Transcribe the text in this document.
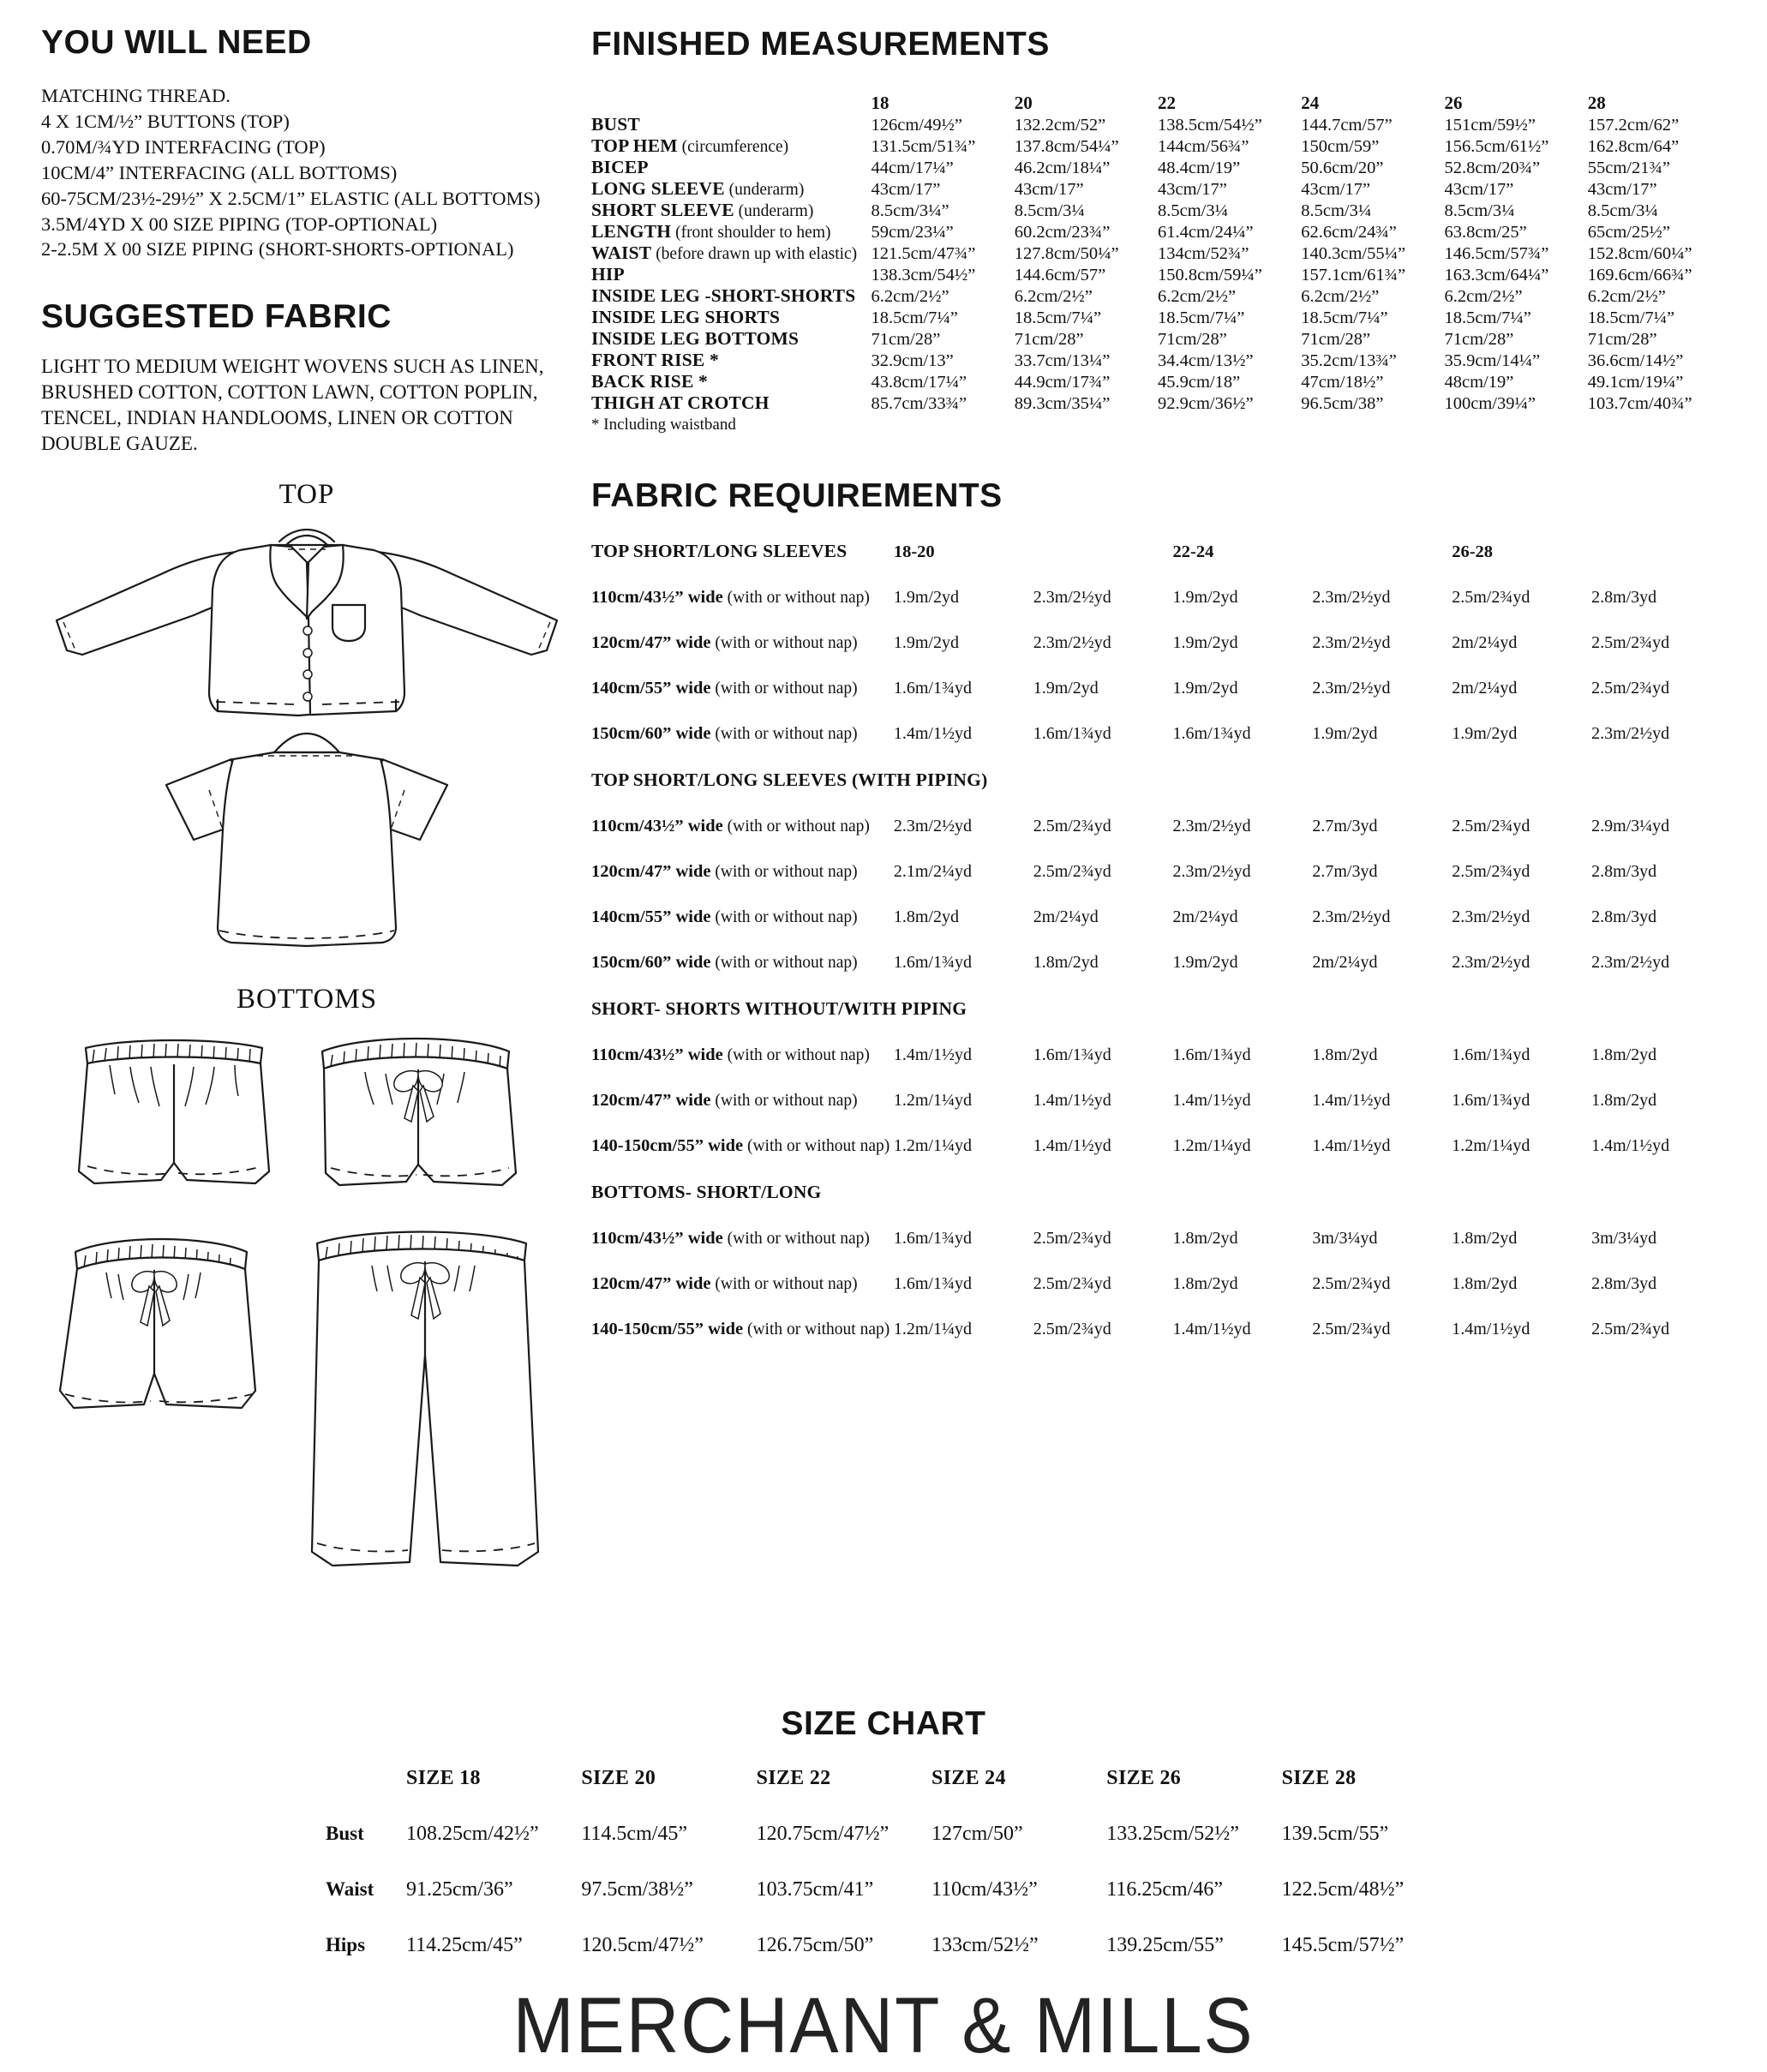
YOU WILL NEED
MATCHING THREAD.
4 X 1CM/½” BUTTONS (TOP)
0.70M/¾YD INTERFACING (TOP)
10CM/4” INTERFACING (ALL BOTTOMS)
60-75CM/23½-29½” X 2.5CM/1” ELASTIC (ALL BOTTOMS)
3.5M/4YD X 00 SIZE PIPING (TOP-OPTIONAL)
2-2.5M X 00 SIZE PIPING (SHORT-SHORTS-OPTIONAL)
SUGGESTED FABRIC

LIGHT TO MEDIUM WEIGHT WOVENS SUCH AS LINEN, BRUSHED COTTON, COTTON LAWN, COTTON POPLIN, TENCEL, INDIAN HANDLOOMS, LINEN OR COTTON DOUBLE GAUZE.

TOP

BOTTOMS

FINISHED MEASUREMENTS
	18	20	22	24	26	28
BUST	126cm/49½”	132.2cm/52”	138.5cm/54½”	144.7cm/57”	151cm/59½”	157.2cm/62”
TOP HEM (circumference)	131.5cm/51¾”	137.8cm/54¼”	144cm/56¾”	150cm/59”	156.5cm/61½”	162.8cm/64”
BICEP	44cm/17¼”	46.2cm/18¼”	48.4cm/19”	50.6cm/20”	52.8cm/20¾”	55cm/21¾”
LONG SLEEVE (underarm)	43cm/17”	43cm/17”	43cm/17”	43cm/17”	43cm/17”	43cm/17”
SHORT SLEEVE (underarm)	8.5cm/3¼”	8.5cm/3¼	8.5cm/3¼	8.5cm/3¼	8.5cm/3¼	8.5cm/3¼
LENGTH (front shoulder to hem)	59cm/23¼”	60.2cm/23¾”	61.4cm/24¼”	62.6cm/24¾”	63.8cm/25”	65cm/25½”
WAIST (before drawn up with elastic)	121.5cm/47¾”	127.8cm/50¼”	134cm/52¾”	140.3cm/55¼”	146.5cm/57¾”	152.8cm/60¼”
HIP	138.3cm/54½”	144.6cm/57”	150.8cm/59¼”	157.1cm/61¾”	163.3cm/64¼”	169.6cm/66¾”
INSIDE LEG -SHORT-SHORTS	6.2cm/2½”	6.2cm/2½”	6.2cm/2½”	6.2cm/2½”	6.2cm/2½”	6.2cm/2½”
INSIDE LEG SHORTS	18.5cm/7¼”	18.5cm/7¼”	18.5cm/7¼”	18.5cm/7¼”	18.5cm/7¼”	18.5cm/7¼”
INSIDE LEG BOTTOMS	71cm/28”	71cm/28”	71cm/28”	71cm/28”	71cm/28”	71cm/28”
FRONT RISE *	32.9cm/13”	33.7cm/13¼”	34.4cm/13½”	35.2cm/13¾”	35.9cm/14¼”	36.6cm/14½”
BACK RISE *	43.8cm/17¼”	44.9cm/17¾”	45.9cm/18”	47cm/18½”	48cm/19”	49.1cm/19¼”
THIGH AT CROTCH	85.7cm/33¾”	89.3cm/35¼”	92.9cm/36½”	96.5cm/38”	100cm/39¼”	103.7cm/40¾”

* Including waistband

FABRIC REQUIREMENTS
TOP SHORT/LONG SLEEVES	18-20		22-24		26-28	
110cm/43½” wide (with or without nap)	1.9m/2yd	2.3m/2½yd	1.9m/2yd	2.3m/2½yd	2.5m/2¾yd	2.8m/3yd
120cm/47” wide (with or without nap)	1.9m/2yd	2.3m/2½yd	1.9m/2yd	2.3m/2½yd	2m/2¼yd	2.5m/2¾yd
140cm/55” wide (with or without nap)	1.6m/1¾yd	1.9m/2yd	1.9m/2yd	2.3m/2½yd	2m/2¼yd	2.5m/2¾yd
150cm/60” wide (with or without nap)	1.4m/1½yd	1.6m/1¾yd	1.6m/1¾yd	1.9m/2yd	1.9m/2yd	2.3m/2½yd
TOP SHORT/LONG SLEEVES (WITH PIPING)						
110cm/43½” wide (with or without nap)	2.3m/2½yd	2.5m/2¾yd	2.3m/2½yd	2.7m/3yd	2.5m/2¾yd	2.9m/3¼yd
120cm/47” wide (with or without nap)	2.1m/2¼yd	2.5m/2¾yd	2.3m/2½yd	2.7m/3yd	2.5m/2¾yd	2.8m/3yd
140cm/55” wide (with or without nap)	1.8m/2yd	2m/2¼yd	2m/2¼yd	2.3m/2½yd	2.3m/2½yd	2.8m/3yd
150cm/60” wide (with or without nap)	1.6m/1¾yd	1.8m/2yd	1.9m/2yd	2m/2¼yd	2.3m/2½yd	2.3m/2½yd
SHORT- SHORTS WITHOUT/WITH PIPING						
110cm/43½” wide (with or without nap)	1.4m/1½yd	1.6m/1¾yd	1.6m/1¾yd	1.8m/2yd	1.6m/1¾yd	1.8m/2yd
120cm/47” wide (with or without nap)	1.2m/1¼yd	1.4m/1½yd	1.4m/1½yd	1.4m/1½yd	1.6m/1¾yd	1.8m/2yd
140-150cm/55” wide (with or without nap)	1.2m/1¼yd	1.4m/1½yd	1.2m/1¼yd	1.4m/1½yd	1.2m/1¼yd	1.4m/1½yd
BOTTOMS- SHORT/LONG						
110cm/43½” wide (with or without nap)	1.6m/1¾yd	2.5m/2¾yd	1.8m/2yd	3m/3¼yd	1.8m/2yd	3m/3¼yd
120cm/47” wide (with or without nap)	1.6m/1¾yd	2.5m/2¾yd	1.8m/2yd	2.5m/2¾yd	1.8m/2yd	2.8m/3yd
140-150cm/55” wide (with or without nap)	1.2m/1¼yd	2.5m/2¾yd	1.4m/1½yd	2.5m/2¾yd	1.4m/1½yd	2.5m/2¾yd
SIZE CHART
	SIZE 18	SIZE 20	SIZE 22	SIZE 24	SIZE 26	SIZE 28
Bust	108.25cm/42½”	114.5cm/45”	120.75cm/47½”	127cm/50”	133.25cm/52½”	139.5cm/55”
Waist	91.25cm/36”	97.5cm/38½”	103.75cm/41”	110cm/43½”	116.25cm/46”	122.5cm/48½”
Hips	114.25cm/45”	120.5cm/47½”	126.75cm/50”	133cm/52½”	139.25cm/55”	145.5cm/57½”
MERCHANT & MILLS
